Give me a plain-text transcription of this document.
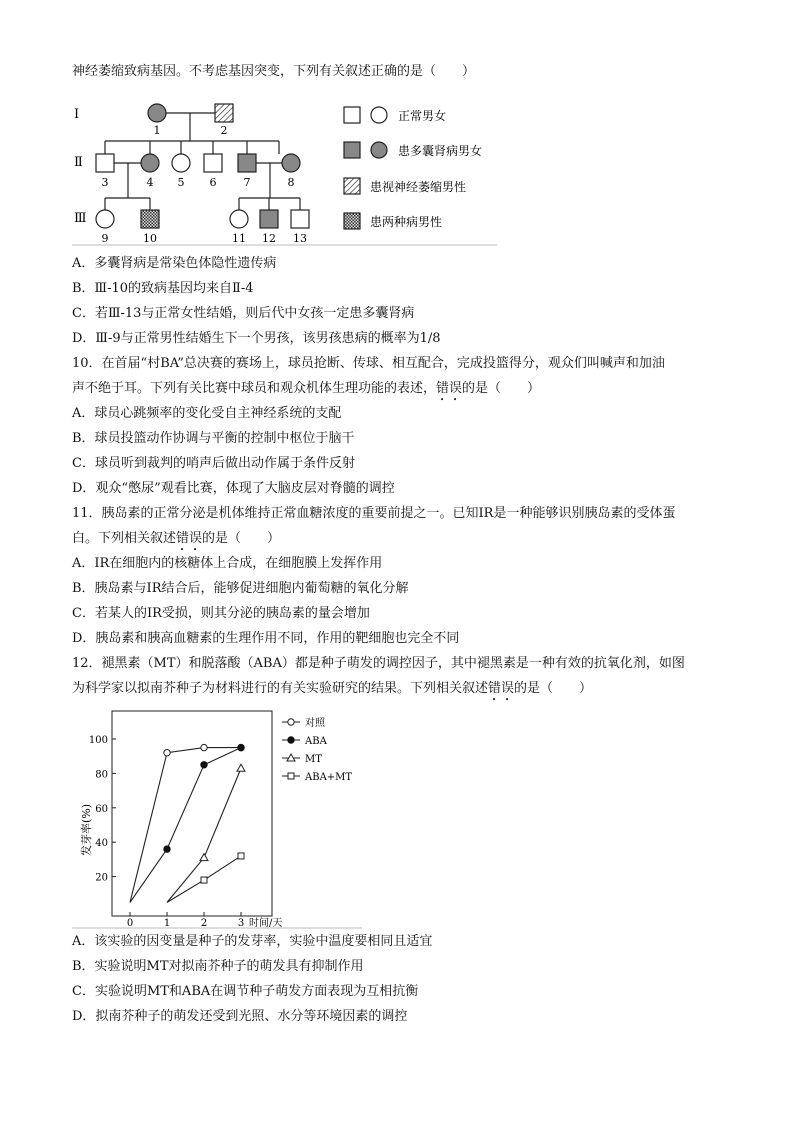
神经萎缩致病基因。不考虑基因突变，下列有关叙述正确的是（　　）
Ⅰ
Ⅱ
Ⅲ
1	2
3	4 5 6 7	8
9	10	11 12 13
正常男女
患多囊肾病男女
患视神经萎缩男性
患两种病男性
A．多囊肾病是常染色体隐性遗传病
B．Ⅲ-10的致病基因均来自Ⅱ-4
C．若Ⅲ-13与正常女性结婚，则后代中女孩一定患多囊肾病
D．Ⅲ-9与正常男性结婚生下一个男孩，该男孩患病的概率为1/8
10．在首届“村BA”总决赛的赛场上，球员抢断、传球、相互配合，完成投篮得分，观众们叫喊声和加油
声不绝于耳。下列有关比赛中球员和观众机体生理功能的表述，错误的是（　　）
A．球员心跳频率的变化受自主神经系统的支配
B．球员投篮动作协调与平衡的控制中枢位于脑干
C．球员听到裁判的哨声后做出动作属于条件反射
D．观众“憋尿”观看比赛，体现了大脑皮层对脊髓的调控
11．胰岛素的正常分泌是机体维持正常血糖浓度的重要前提之一。已知IR是一种能够识别胰岛素的受体蛋
白。下列相关叙述错误的是（　　）
A．IR在细胞内的核糖体上合成，在细胞膜上发挥作用
B．胰岛素与IR结合后，能够促进细胞内葡萄糖的氧化分解
C．若某人的IR受损，则其分泌的胰岛素的量会增加
D．胰岛素和胰高血糖素的生理作用不同，作用的靶细胞也完全不同
12．褪黑素（MT）和脱落酸（ABA）都是种子萌发的调控因子，其中褪黑素是一种有效的抗氧化剂，如图
为科学家以拟南芥种子为材料进行的有关实验研究的结果。下列相关叙述错误的是（　　）
发芽率(%)
20
40
60
80
100
0	1	2	3 时间/天
对照
ABA
MT
ABA+MT
A．该实验的因变量是种子的发芽率，实验中温度要相同且适宜
B．实验说明MT对拟南芥种子的萌发具有抑制作用
C．实验说明MT和ABA在调节种子萌发方面表现为互相抗衡
D．拟南芥种子的萌发还受到光照、水分等环境因素的调控
